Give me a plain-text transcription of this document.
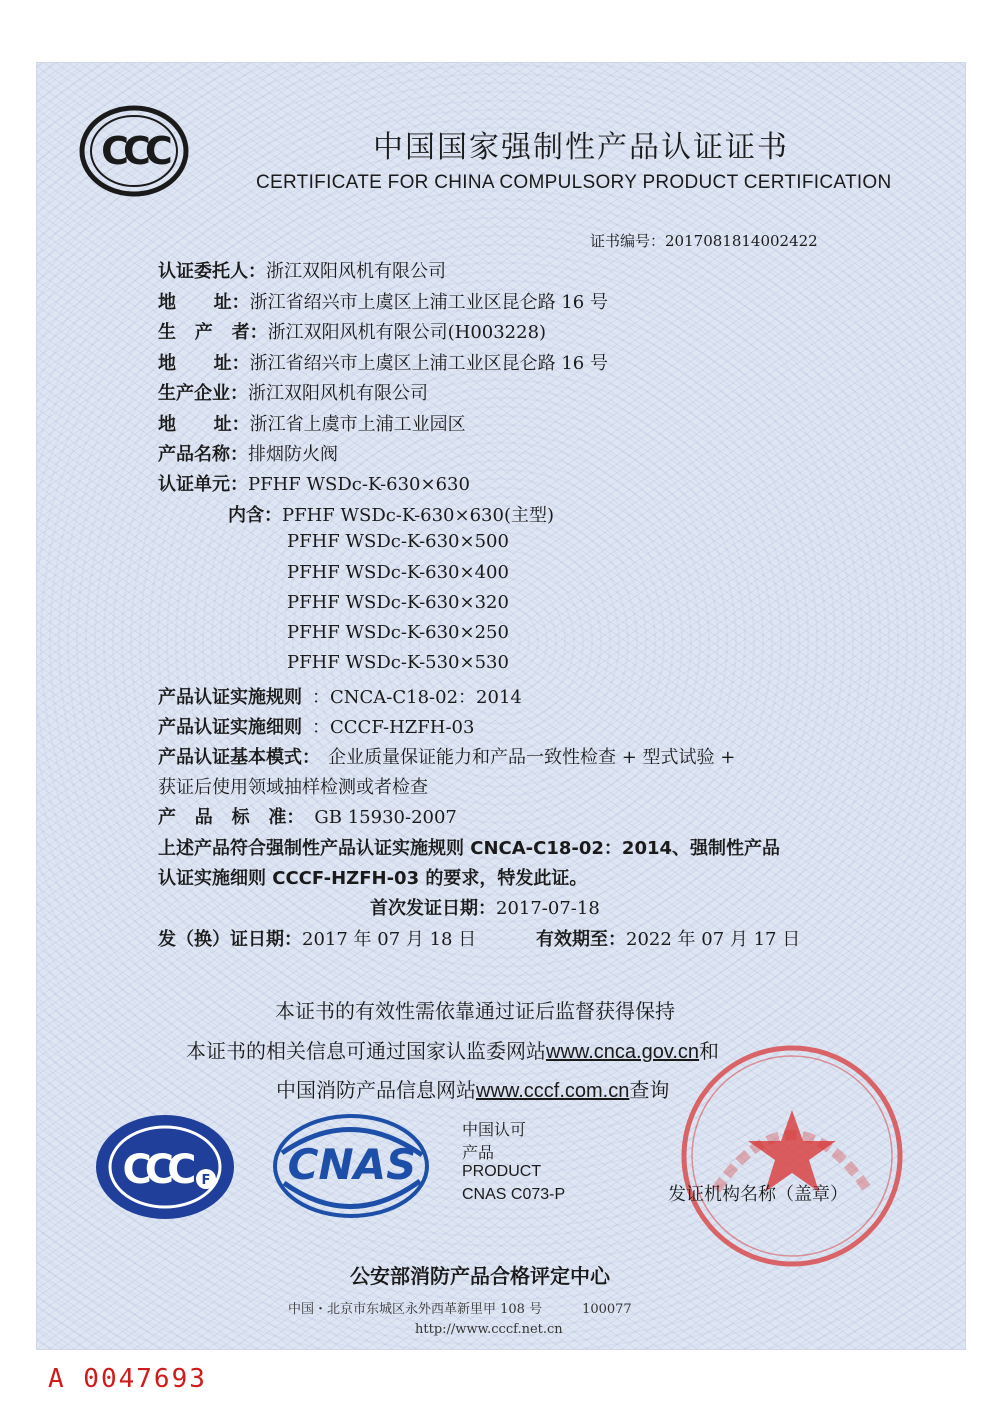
CCC	中国国家强制性产品认证证书
CERTIFICATE FOR CHINA COMPULSORY PRODUCT CERTIFICATION
证书编号：2017081814002422
认证委托人：浙江双阳风机有限公司
地      址：浙江省绍兴市上虞区上浦工业区昆仑路 16 号
生   产   者：浙江双阳风机有限公司(H003228)
地      址：浙江省绍兴市上虞区上浦工业区昆仑路 16 号
生产企业：浙江双阳风机有限公司
地      址：浙江省上虞市上浦工业园区
产品名称：排烟防火阀
认证单元：PFHF WSDc-K-630×630
内含：PFHF WSDc-K-630×630(主型)
PFHF WSDc-K-630×500
PFHF WSDc-K-630×400
PFHF WSDc-K-630×320
PFHF WSDc-K-630×250
PFHF WSDc-K-530×530
产品认证实施规则 ：CNCA-C18-02：2014
产品认证实施细则 ：CCCF-HZFH-03
产品认证基本模式： 企业质量保证能力和产品一致性检查 + 型式试验 +
获证后使用领域抽样检测或者检查
产   品   标   准： GB 15930-2007
上述产品符合强制性产品认证实施规则 CNCA-C18-02：2014、强制性产品
认证实施细则 CCCF-HZFH-03 的要求，特发此证。
首次发证日期：2017-07-18
发（换）证日期：2017 年 07 月 18 日	有效期至：2022 年 07 月 17 日
本证书的有效性需依靠通过证后监督获得保持
本证书的相关信息可通过国家认监委网站www.cnca.gov.cn和
中国消防产品信息网站www.cccf.com.cn查询
CCC F CNAS
中国认可
产品
PRODUCT
CNAS C073-P	发证机构名称（盖章）
公安部消防产品合格评定中心
中国・北京市东城区永外西革新里甲 108 号	100077
http://www.cccf.net.cn
A 0047693
